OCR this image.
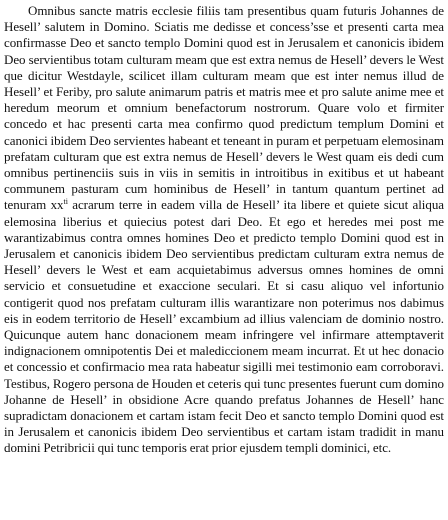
Omnibus sancte matris ecclesie filiis tam presentibus quam futuris Johannes de Hesell’ salutem in Domino. Sciatis me dedisse et concess’sse et presenti carta mea confirmasse Deo et sancto templo Domini quod est in Jerusalem et canonicis ibidem Deo servientibus totam culturam meam que est extra nemus de Hesell’ devers le West que dicitur Westdayle, scilicet illam culturam meam que est inter nemus illud de Hesell’ et Feriby, pro salute animarum patris et matris mee et pro salute anime mee et heredum meorum et omnium benefactorum nostrorum. Quare volo et firmiter concedo et hac presenti carta mea confirmo quod predictum templum Domini et canonici ibidem Deo servientes habeant et teneant in puram et perpetuam elemosinam prefatam culturam que est extra nemus de Hesell’ devers le West quam eis dedi cum omnibus pertinenciis suis in viis in semitis in introitibus in exitibus et ut habeant communem pasturam cum hominibus de Hesell’ in tantum quantum pertinet ad tenuram $xx^{ti}$ acrarum terre in eadem villa de Hesell’ ita libere et quiete sicut aliqua elemosina liberius et quiecius potest dari Deo. Et ego et heredes mei post me warantizabimus contra omnes homines Deo et predicto templo Domini quod est in Jerusalem et canonicis ibidem Deo servientibus predictam culturam extra nemus de Hesell’ devers le West et eam acquietabimus adversus omnes homines de omni servicio et consuetudine et exaccione seculari. Et si casu aliquo vel infortunio contigerit quod nos prefatam culturam illis warantizare non poterimus nos dabimus eis in eodem territorio de Hesell’ excambium ad illius valenciam de dominio nostro. Quicunque autem hanc donacionem meam infringere vel infirmare attemptaverit indignacionem omnipotentis Dei et malediccionem meam incurrat. Et ut hec donacio et concessio et confirmacio mea rata habeatur sigilli mei testimonio eam corroboravi. Testibus, Rogero persona de Houden et ceteris qui tunc presentes fuerunt cum domino Johanne de Hesell’ in obsidione Acre quando prefatus Johannes de Hesell’ hanc supradictam donacionem et cartam istam fecit Deo et sancto templo Domini quod est in Jerusalem et canonicis ibidem Deo servientibus et cartam istam tradidit in manu domini Petribricii qui tunc temporis erat prior ejusdem templi dominici, etc.
